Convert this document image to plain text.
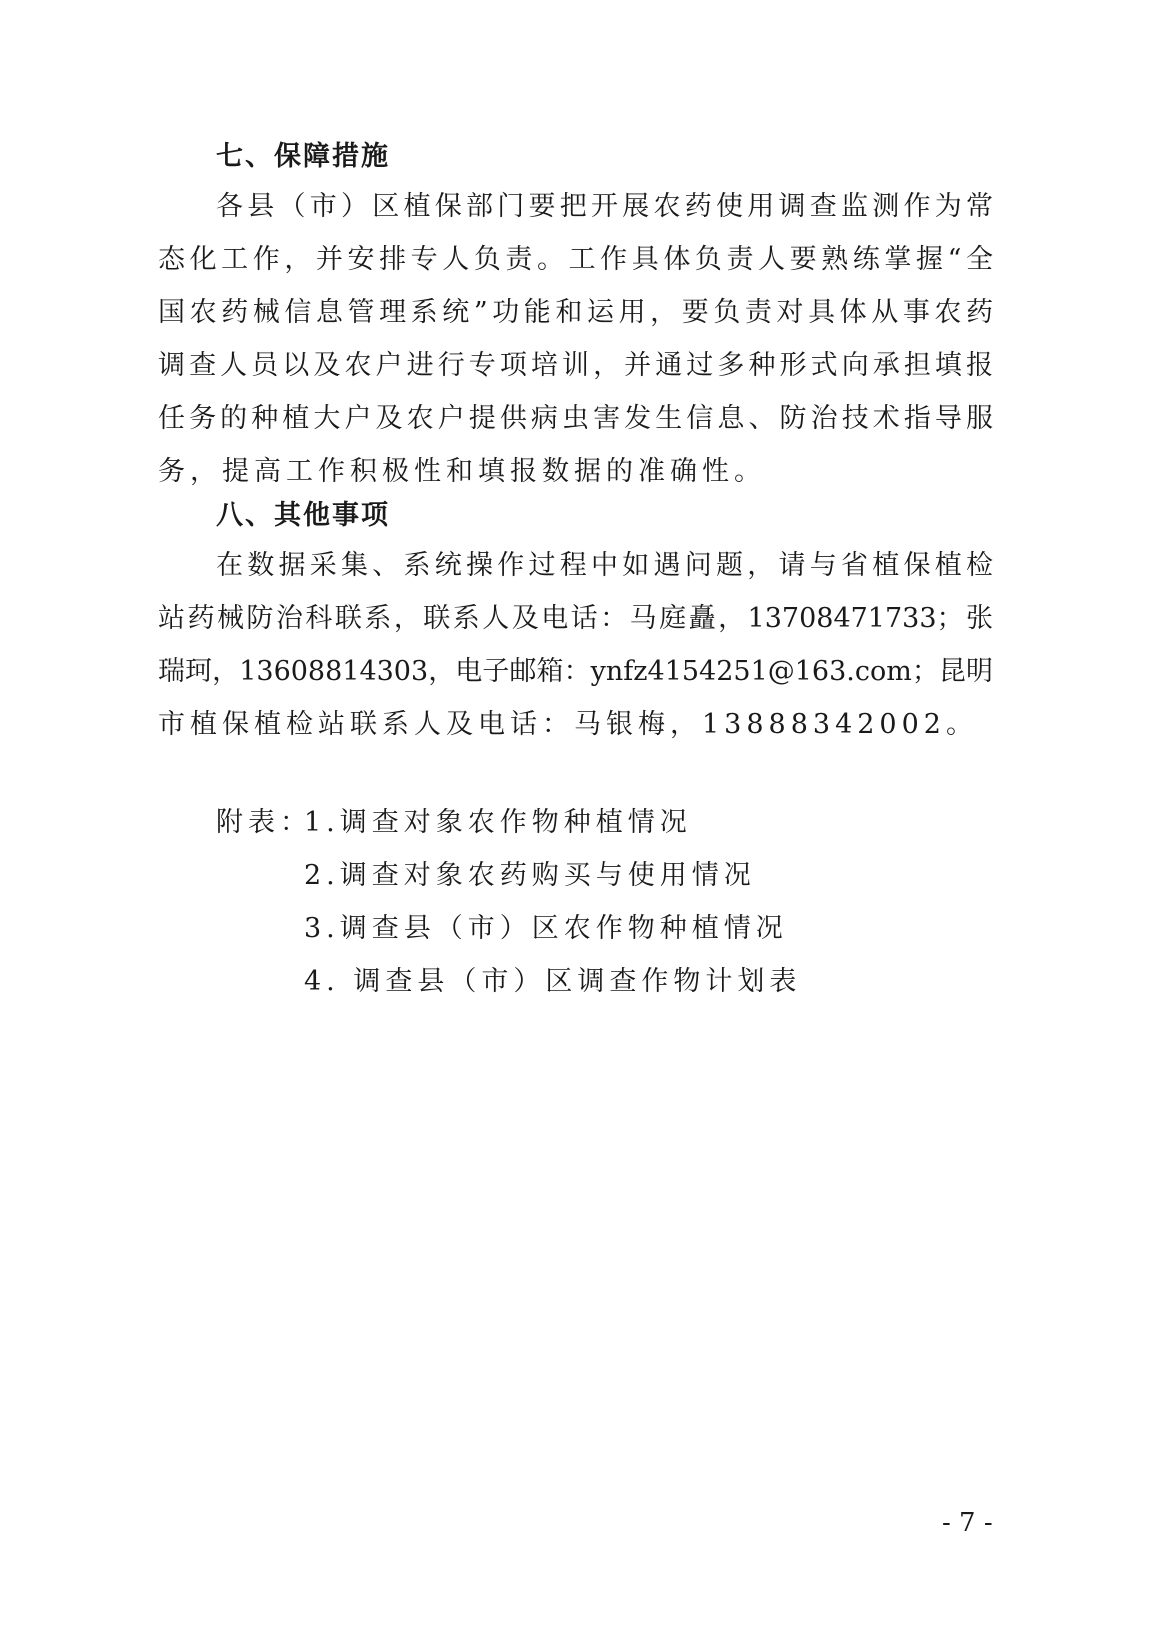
七、保障措施
各县（市）区植保部门要把开展农药使用调查监测作为常
态化工作，并安排专人负责。工作具体负责人要熟练掌握“全
国农药械信息管理系统”功能和运用，要负责对具体从事农药
调查人员以及农户进行专项培训，并通过多种形式向承担填报
任务的种植大户及农户提供病虫害发生信息、防治技术指导服
务，提高工作积极性和填报数据的准确性。
八、其他事项
在数据采集、系统操作过程中如遇问题，请与省植保植检
站药械防治科联系，联系人及电话：马庭矗，13708471733；张
瑞珂，13608814303，电子邮箱：ynfz4154251@163.com；昆明
市植保植检站联系人及电话：马银梅，13888342002。
附表：
1.调查对象农作物种植情况
2.调查对象农药购买与使用情况
3.调查县（市）区农作物种植情况
4. 调查县（市）区调查作物计划表
- 7 -
